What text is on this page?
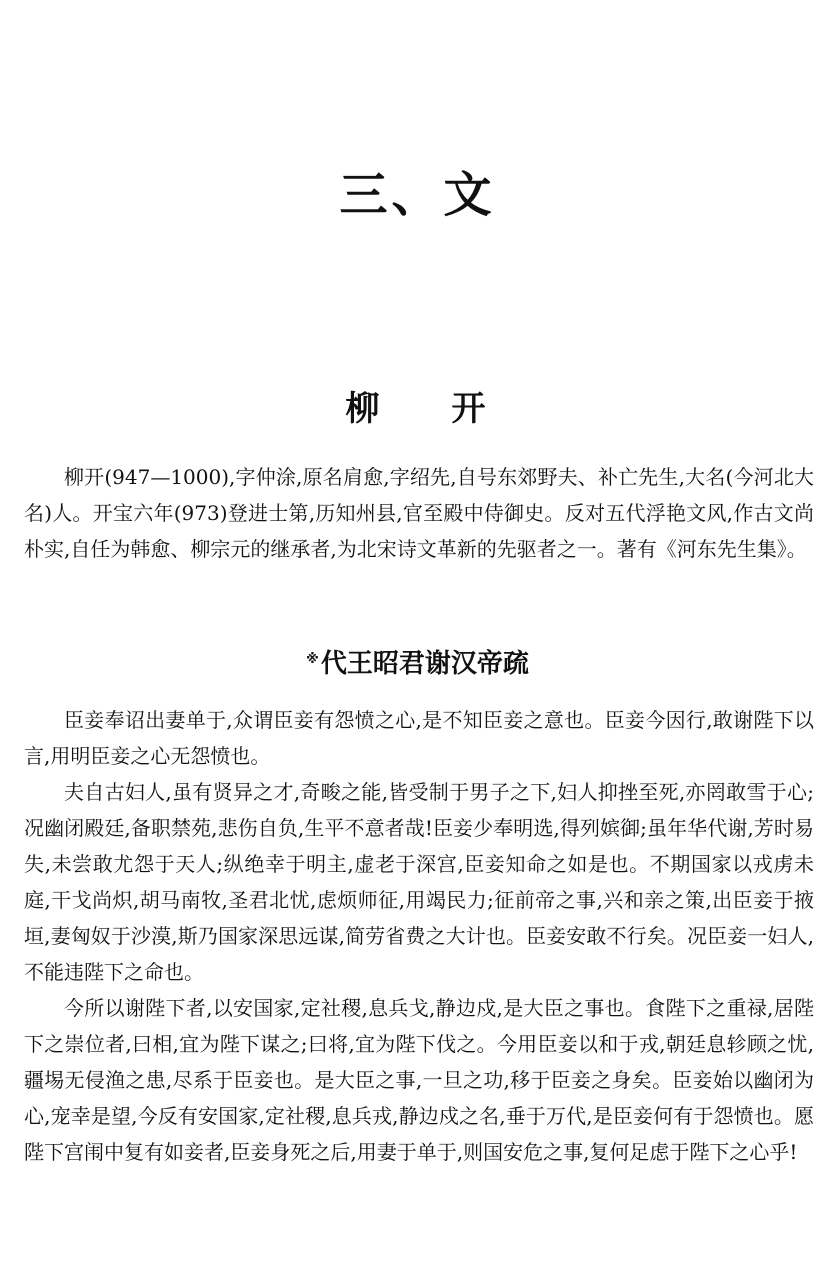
三、文
柳 开

柳开(947—1000),字仲涂,原名肩愈,字绍先,自号东郊野夫、补亡先生,大名(今河北大名)人。开宝六年(973)登进士第,历知州县,官至殿中侍御史。反对五代浮艳文风,作古文尚朴实,自任为韩愈、柳宗元的继承者,为北宋诗文革新的先驱者之一。著有《河东先生集》。

※代王昭君谢汉帝疏

臣妾奉诏出妻单于,众谓臣妾有怨愤之心,是不知臣妾之意也。臣妾今因行,敢谢陛下以言,用明臣妾之心无怨愤也。

夫自古妇人,虽有贤异之才,奇畯之能,皆受制于男子之下,妇人抑挫至死,亦罔敢雪于心;况幽闭殿廷,备职禁苑,悲伤自负,生平不意者哉!臣妾少奉明选,得列嫔御;虽年华代谢,芳时易失,未尝敢尤怨于天人;纵绝幸于明主,虚老于深宫,臣妾知命之如是也。不期国家以戎虏未庭,干戈尚炽,胡马南牧,圣君北忧,虑烦师征,用竭民力;征前帝之事,兴和亲之策,出臣妾于掖垣,妻匈奴于沙漠,斯乃国家深思远谋,简劳省费之大计也。臣妾安敢不行矣。况臣妾一妇人,不能违陛下之命也。

今所以谢陛下者,以安国家,定社稷,息兵戈,静边戍,是大臣之事也。食陛下之重禄,居陛下之崇位者,曰相,宜为陛下谋之;曰将,宜为陛下伐之。今用臣妾以和于戎,朝廷息轸顾之忧,疆埸无侵渔之患,尽系于臣妾也。是大臣之事,一旦之功,移于臣妾之身矣。臣妾始以幽闭为心,宠幸是望,今反有安国家,定社稷,息兵戎,静边戍之名,垂于万代,是臣妾何有于怨愤也。愿陛下宫闱中复有如妾者,臣妾身死之后,用妻于单于,则国安危之事,复何足虑于陛下之心乎!
